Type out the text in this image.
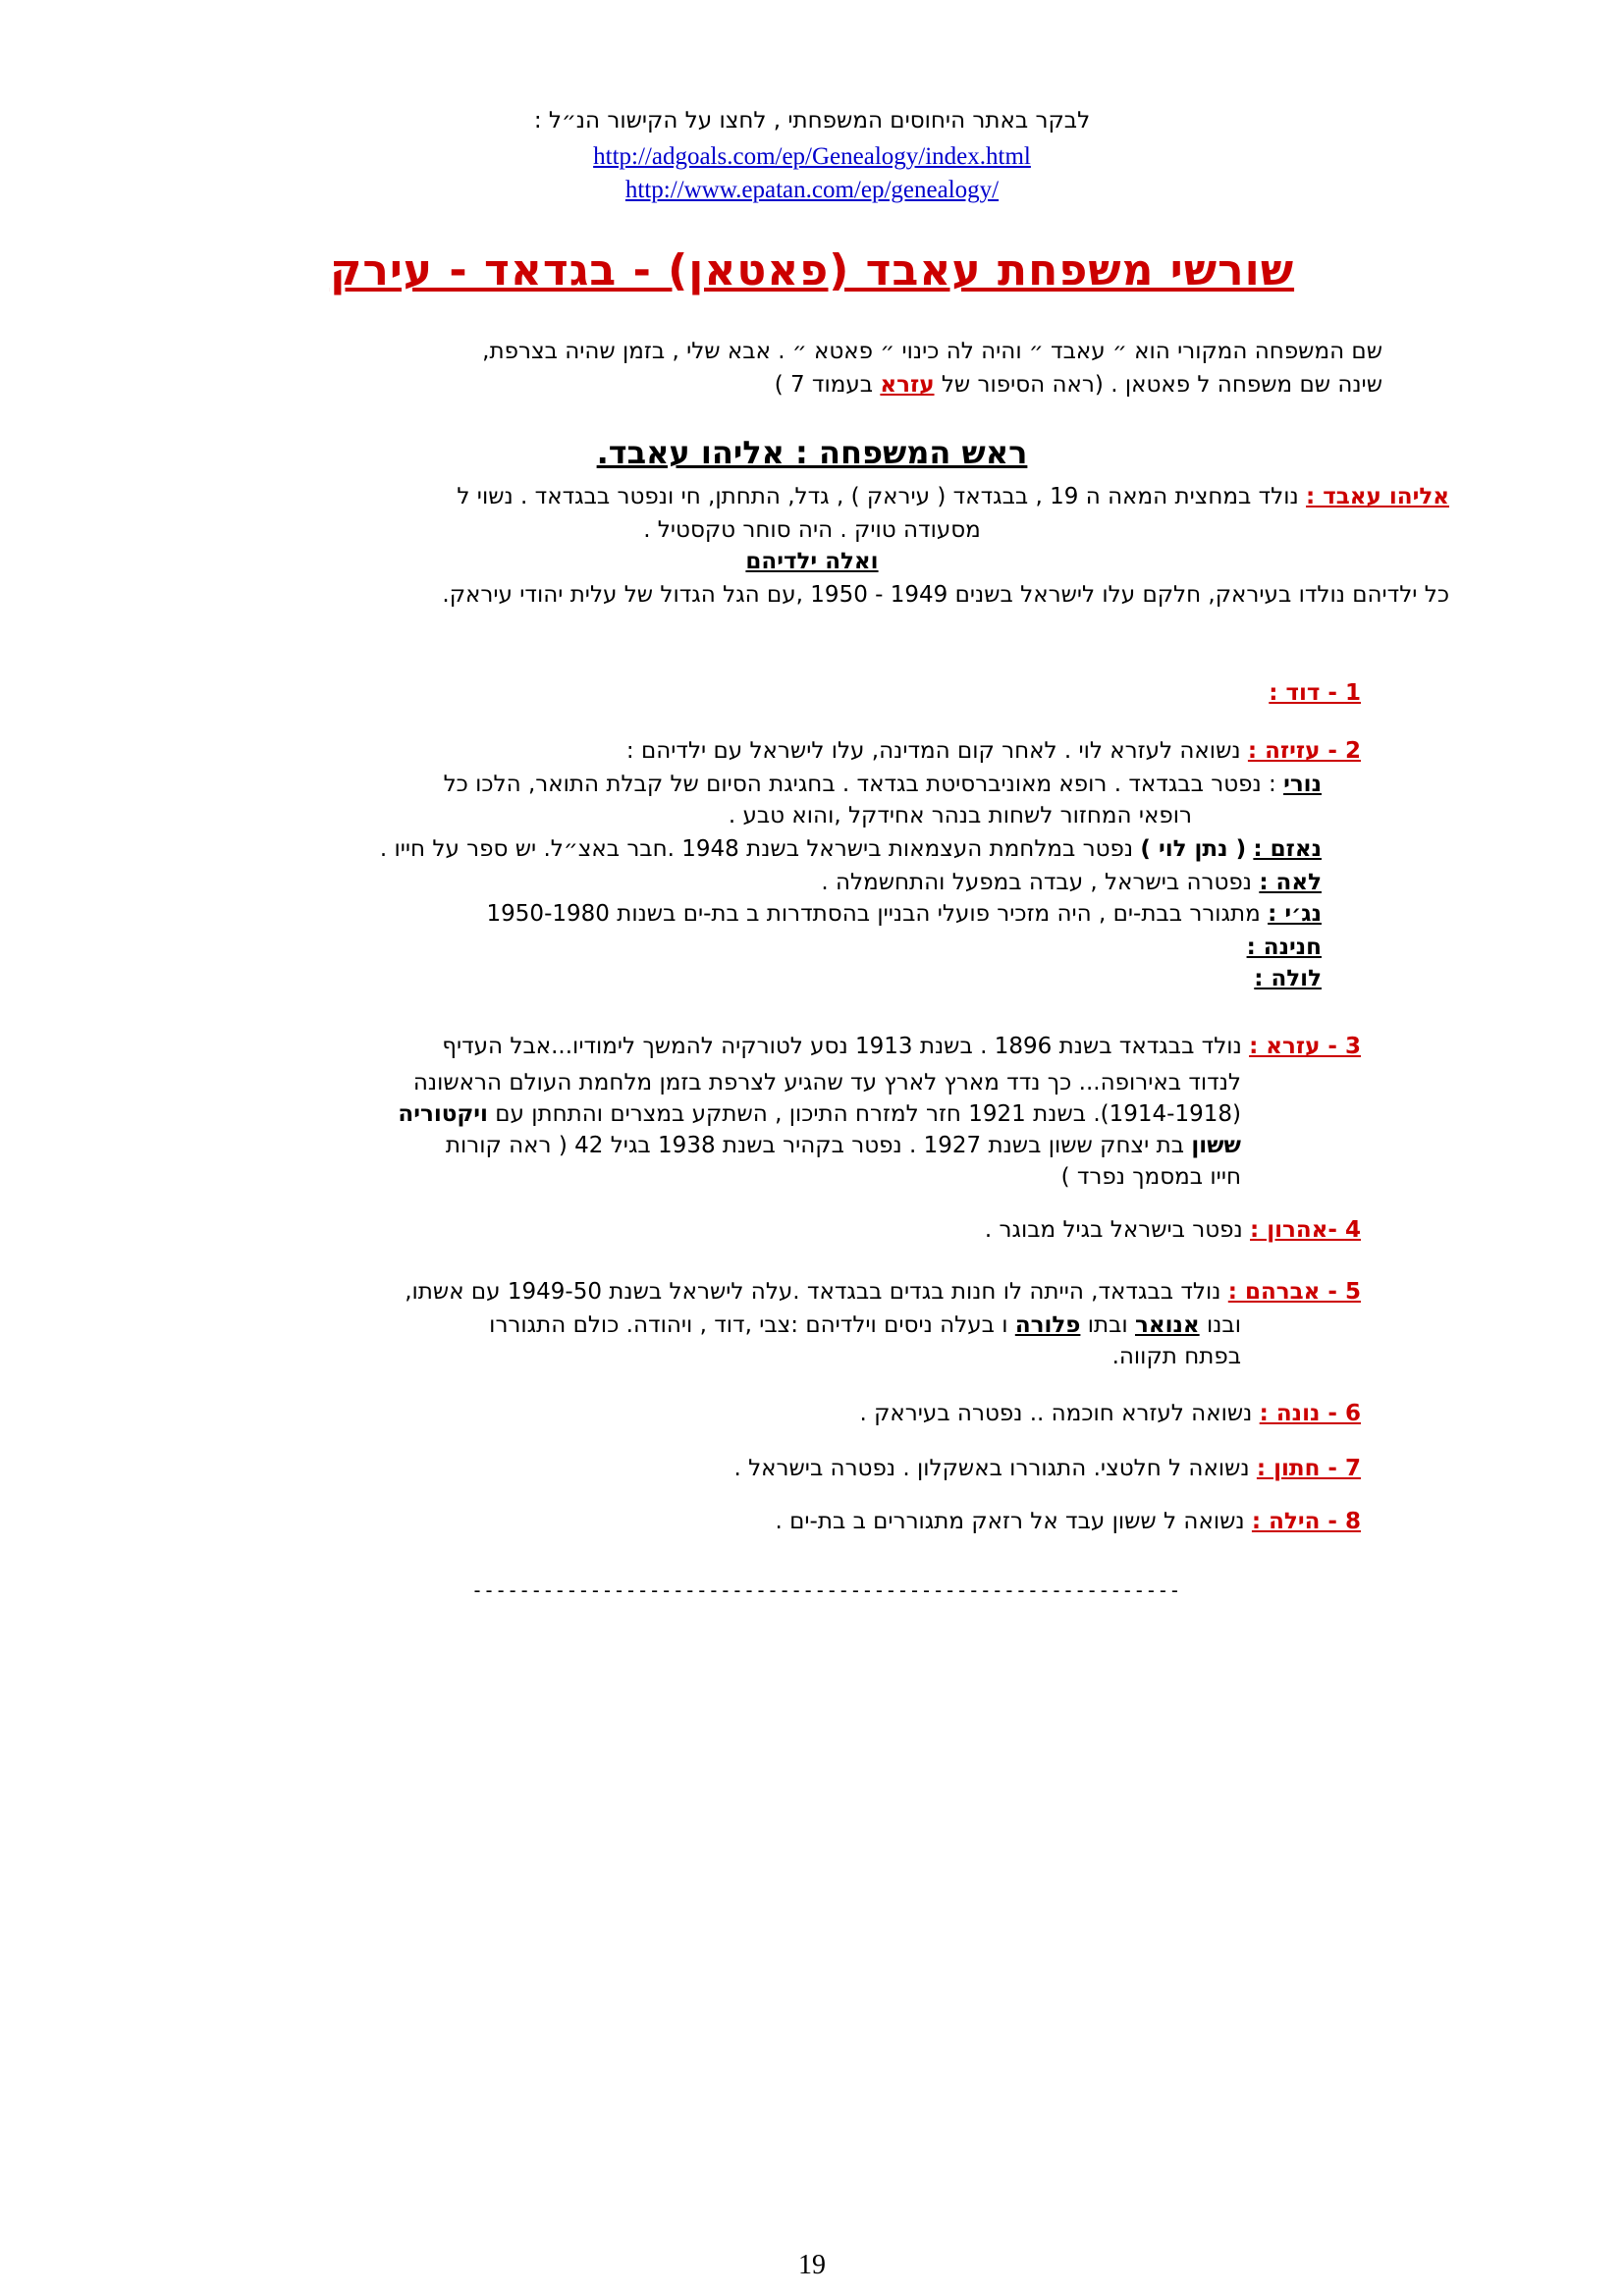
לבקר באתר היחוסים המשפחתי , לחצו על הקישור הנ״ל :
http://adgoals.com/ep/Genealogy/index.html
http://www.epatan.com/ep/genealogy/
שורשי משפחת עאבד (פאטאן) - בגדאד - עירק
שם המשפחה המקורי הוא ״ עאבד ״ והיה לה כינוי ״ פאטא ״ . אבא שלי , בזמן שהיה בצרפת,
שינה שם משפחה ל פאטאן . (ראה הסיפור של עזרא בעמוד 7 )
ראש המשפחה : אליהו עאבד.
אליהו עאבד : נולד במחצית המאה ה 19 , בבגדאד ( עיראק ) , גדל, התחתן, חי ונפטר בבגדאד . נשוי ל
מסעודה טויק . היה סוחר טקסטיל .
ואלה ילדיהם
כל ילדיהם נולדו בעיראק, חלקם עלו לישראל בשנים 1949 - 1950 ,עם הגל הגדול של עלית יהודי עיראק.
1 - דוד :
2 - עזיזה : נשואה לעזרא לוי . לאחר קום המדינה, עלו לישראל עם ילדיהם :
נורי : נפטר בבגדאד . רופא מאוניברסיטת בגדאד . בחגיגת הסיום של קבלת התואר, הלכו כל
רופאי המחזור לשחות בנהר אחידקל ,והוא טבע .
נאזם : ( נתן לוי ) נפטר במלחמת העצמאות בישראל בשנת 1948 .חבר באצ״ל. יש ספר על חייו .
לאה : נפטרה בישראל , עבדה במפעל והתחשמלה .
נג׳י : מתגורר בבת-ים , היה מזכיר פועלי הבניין בהסתדרות ב בת-ים בשנות 1950-1980
חנינה :
לולה :
3 - עזרא : נולד בבגדאד בשנת 1896 . בשנת 1913 נסע לטורקיה להמשך לימודיו...אבל העדיף
לנדוד באירופה... כך נדד מארץ לארץ עד שהגיע לצרפת בזמן מלחמת העולם הראשונה
(1914-1918). בשנת 1921 חזר למזרח התיכון , השתקע במצרים והתחתן עם ויקטוריה
ששון בת יצחק ששון בשנת 1927 . נפטר בקהיר בשנת 1938 בגיל 42 ( ראה קורות
חייו במסמך נפרד )
4 -אהרון : נפטר בישראל בגיל מבוגר .
5 - אברהם : נולד בבגדאד, הייתה לו חנות בגדים בבגדאד .עלה לישראל בשנת 1949-50 עם אשתו,
ובנו אנואר ובתו פלורה ו בעלה ניסים וילדיהם :צבי ,דוד , ויהודה. כולם התגוררו
בפתח תקווה.
6 - נונה : נשואה לעזרא חוכמה .. נפטרה בעיראק .
7 - חתון : נשואה ל חלטצי. התגוררו באשקלון . נפטרה בישראל .
8 - הילה : נשואה ל ששון עבד אל רזאק מתגוררים ב בת-ים .
------------------------------------------------------------
19
